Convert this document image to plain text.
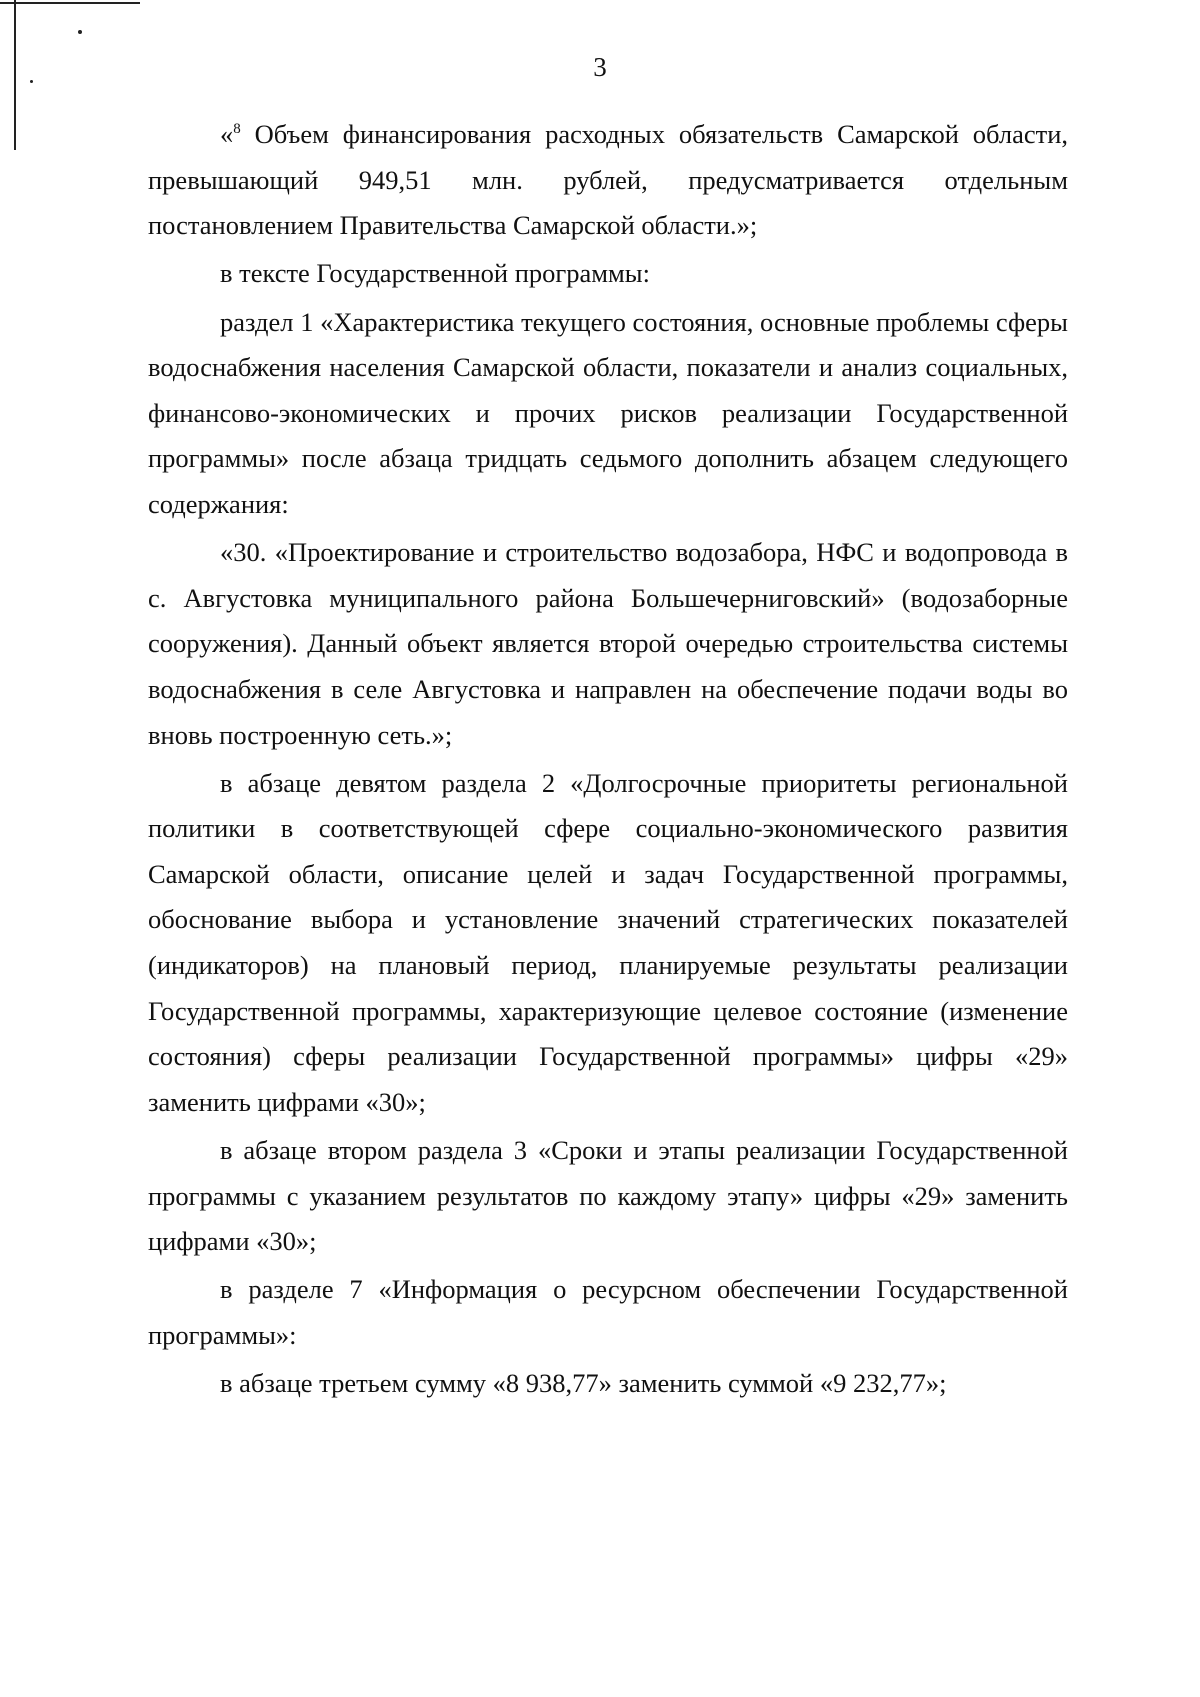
3

«$^8$ Объем финансирования расходных обязательств Самарской области, превышающий 949,51 млн. рублей, предусматривается отдельным постановлением Правительства Самарской области.»;

в тексте Государственной программы:

раздел 1 «Характеристика текущего состояния, основные проблемы сферы водоснабжения населения Самарской области, показатели и анализ социальных, финансово-экономических и прочих рисков реализации Государственной программы» после абзаца тридцать седьмого дополнить абзацем следующего содержания:

«30. «Проектирование и строительство водозабора, НФС и водопровода в с. Августовка муниципального района Большечерниговский» (водозаборные сооружения). Данный объект является второй очередью строительства системы водоснабжения в селе Августовка и направлен на обеспечение подачи воды во вновь построенную сеть.»;

в абзаце девятом раздела 2 «Долгосрочные приоритеты региональной политики в соответствующей сфере социально-экономического развития Самарской области, описание целей и задач Государственной программы, обоснование выбора и установление значений стратегических показателей (индикаторов) на плановый период, планируемые результаты реализации Государственной программы, характеризующие целевое состояние (изменение состояния) сферы реализации Государственной программы» цифры «29» заменить цифрами «30»;

в абзаце втором раздела 3 «Сроки и этапы реализации Государственной программы с указанием результатов по каждому этапу» цифры «29» заменить цифрами «30»;

в разделе 7 «Информация о ресурсном обеспечении Государственной программы»:

в абзаце третьем сумму «8 938,77» заменить суммой «9 232,77»;
